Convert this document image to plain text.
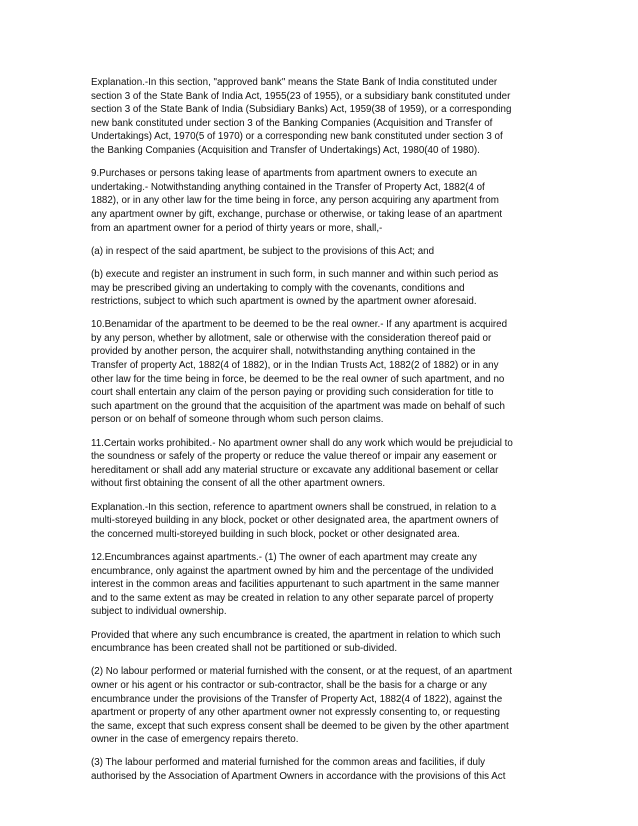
Explanation.-In this section, "approved bank" means the State Bank of India constituted under
section 3 of the State Bank of India Act, 1955(23 of 1955), or a subsidiary bank constituted under
section 3 of the State Bank of India (Subsidiary Banks) Act, 1959(38 of 1959), or a corresponding
new bank constituted under section 3 of the Banking Companies (Acquisition and Transfer of
Undertakings) Act, 1970(5 of 1970) or a corresponding new bank constituted under section 3 of
the Banking Companies (Acquisition and Transfer of Undertakings) Act, 1980(40 of 1980).

9.Purchases or persons taking lease of apartments from apartment owners to execute an
undertaking.- Notwithstanding anything contained in the Transfer of Property Act, 1882(4 of
1882), or in any other law for the time being in force, any person acquiring any apartment from
any apartment owner by gift, exchange, purchase or otherwise, or taking lease of an apartment
from an apartment owner for a period of thirty years or more, shall,-

(a) in respect of the said apartment, be subject to the provisions of this Act; and

(b) execute and register an instrument in such form, in such manner and within such period as
may be prescribed giving an undertaking to comply with the covenants, conditions and
restrictions, subject to which such apartment is owned by the apartment owner aforesaid.

10.Benamidar of the apartment to be deemed to be the real owner.- If any apartment is acquired
by any person, whether by allotment, sale or otherwise with the consideration thereof paid or
provided by another person, the acquirer shall, notwithstanding anything contained in the
Transfer of property Act, 1882(4 of 1882), or in the Indian Trusts Act, 1882(2 of 1882) or in any
other law for the time being in force, be deemed to be the real owner of such apartment, and no
court shall entertain any claim of the person paying or providing such consideration for title to
such apartment on the ground that the acquisition of the apartment was made on behalf of such
person or on behalf of someone through whom such person claims.

11.Certain works prohibited.- No apartment owner shall do any work which would be prejudicial to
the soundness or safely of the property or reduce the value thereof or impair any easement or
hereditament or shall add any material structure or excavate any additional basement or cellar
without first obtaining the consent of all the other apartment owners.

Explanation.-In this section, reference to apartment owners shall be construed, in relation to a
multi-storeyed building in any block, pocket or other designated area, the apartment owners of
the concerned multi-storeyed building in such block, pocket or other designated area.

12.Encumbrances against apartments.- (1) The owner of each apartment may create any
encumbrance, only against the apartment owned by him and the percentage of the undivided
interest in the common areas and facilities appurtenant to such apartment in the same manner
and to the same extent as may be created in relation to any other separate parcel of property
subject to individual ownership.

Provided that where any such encumbrance is created, the apartment in relation to which such
encumbrance has been created shall not be partitioned or sub-divided.

(2) No labour performed or material furnished with the consent, or at the request, of an apartment
owner or his agent or his contractor or sub-contractor, shall be the basis for a charge or any
encumbrance under the provisions of the Transfer of Property Act, 1882(4 of 1822), against the
apartment or property of any other apartment owner not expressly consenting to, or requesting
the same, except that such express consent shall be deemed to be given by the other apartment
owner in the case of emergency repairs thereto.

(3) The labour performed and material furnished for the common areas and facilities, if duly
authorised by the Association of Apartment Owners in accordance with the provisions of this Act
